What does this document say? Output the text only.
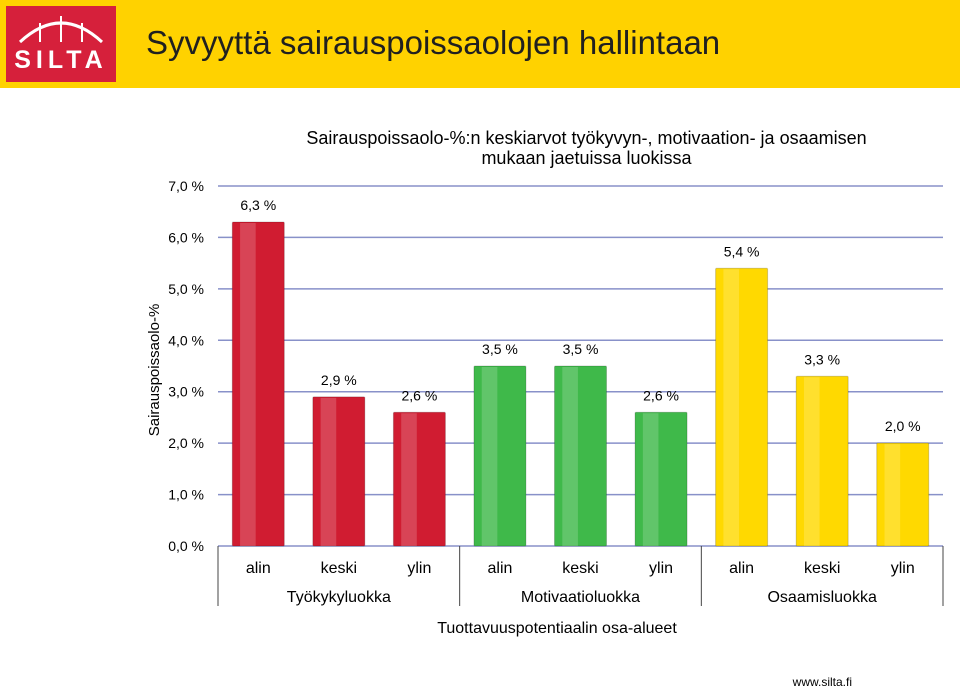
SILTA Syvyyttä sairauspoissaolojen hallintaan
Sairauspoissaolo-%:n keskiarvot työkyvyn-, motivaation- ja osaamisen
mukaan jaetuissa luokissa
0,0 %
1,0 %
2,0 %
3,0 %
4,0 %
5,0 %
6,0 %
7,0 %
Sairauspoissaolo-%
6,3 %
alin
2,9 %
keski
2,6 %
ylin
Työkykyluokka
3,5 %
alin
3,5 %
keski
2,6 %
ylin
Motivaatioluokka
5,4 %
alin
3,3 %
keski
2,0 %
ylin
Osaamisluokka
Tuottavuuspotentiaalin osa-alueet
www.silta.fi
